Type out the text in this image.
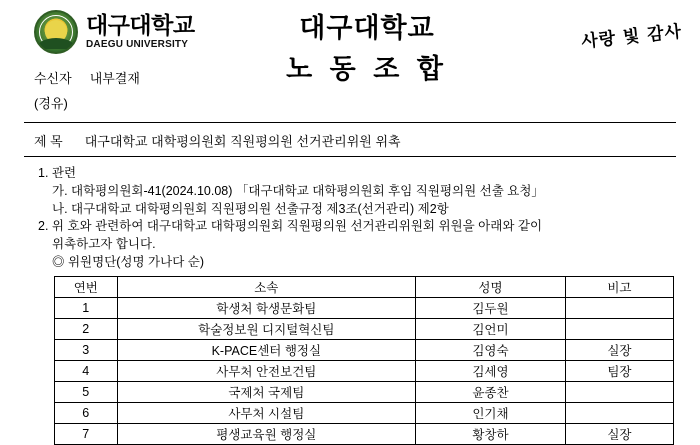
대구대학교
DAEGU UNIVERSITY
대구대학교
노 동 조 합
사랑 빛 감사
수신자 내부결재
(경유)
제 목 대구대학교 대학평의원회 직원평의원 선거관리위원 위촉
1. 관련
가. 대학평의원회-41(2024.10.08) 「대구대학교 대학평의원회 후임 직원평의원 선출 요청」
나. 대구대학교 대학평의원회 직원평의원 선출규정 제3조(선거관리) 제2항
2. 위 호와 관련하여 대구대학교 대학평의원회 직원평의원 선거관리위원회 위원을 아래와 같이
위촉하고자 합니다.
◎ 위원명단(성명 가나다 순)
연번	소속	성명	비고
1	학생처 학생문화팀	김두원	
2	학술정보원 디지털혁신팀	김언미	
3	K-PACE센터 행정실	김영숙	실장
4	사무처 안전보건팀	김세영	팀장
5	국제처 국제팀	윤종찬	
6	사무처 시설팀	인기채	
7	평생교육원 행정실	황창하	실장
